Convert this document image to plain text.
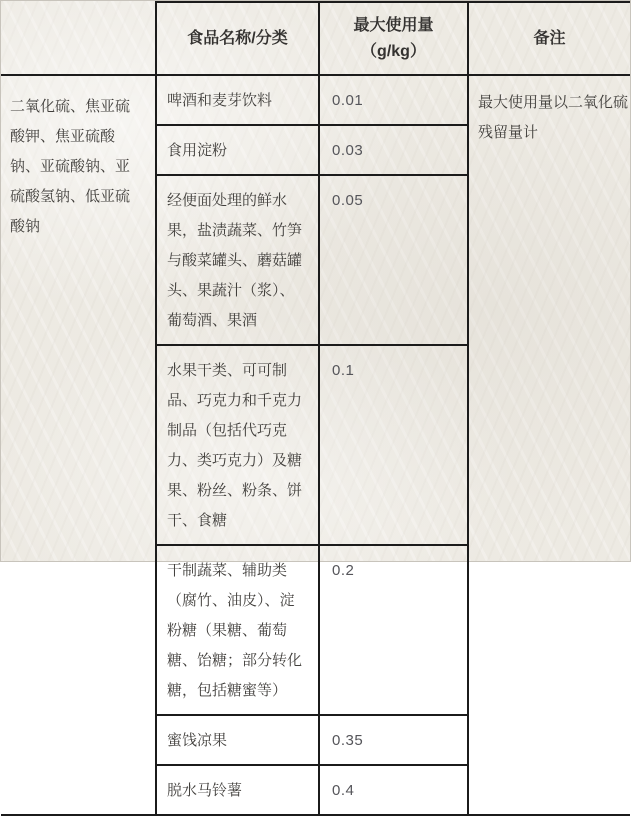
	食品名称/分类	最大使用量（g/kg）	备注
二氧化硫、焦亚硫酸钾、焦亚硫酸钠、亚硫酸钠、亚硫酸氢钠、低亚硫酸钠	啤酒和麦芽饮料	0.01	最大使用量以二氧化硫残留量计
	食用淀粉	0.03	
	经便面处理的鲜水果，盐渍蔬菜、竹笋与酸菜罐头、蘑菇罐头、果蔬汁（浆）、葡萄酒、果酒	0.05	
	水果干类、可可制品、巧克力和千克力制品（包括代巧克力、类巧克力）及糖果、粉丝、粉条、饼干、食糖	0.1	
	干制蔬菜、辅助类（腐竹、油皮）、淀粉糖（果糖、葡萄糖、饴糖；部分转化糖，包括糖蜜等）	0.2	
	蜜饯凉果	0.35	
	脱水马铃薯	0.4	
